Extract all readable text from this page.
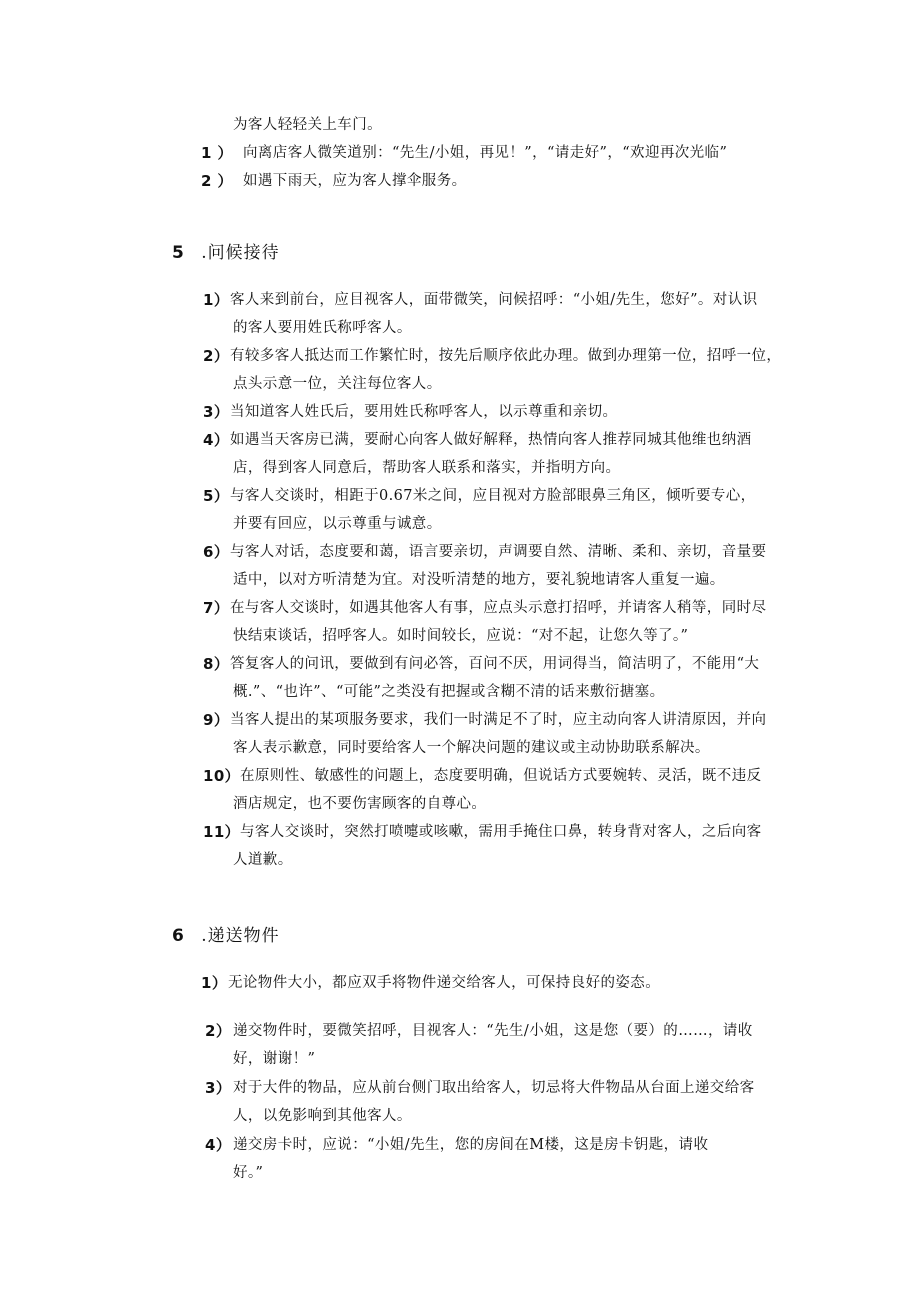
为客人轻轻关上车门。
1 ） 向离店客人微笑道别：“先生/小姐，再见！”，“请走好”，“欢迎再次光临”
2 ） 如遇下雨天，应为客人撑伞服务。
5 .问候接待
1） 客人来到前台，应目视客人，面带微笑，问候招呼：“小姐/先生，您好”。对认识
的客人要用姓氏称呼客人。
2） 有较多客人抵达而工作繁忙时，按先后顺序依此办理。做到办理第一位，招呼一位，
点头示意一位，关注每位客人。
3） 当知道客人姓氏后，要用姓氏称呼客人，以示尊重和亲切。
4） 如遇当天客房已满，要耐心向客人做好解释，热情向客人推荐同城其他维也纳酒
店，得到客人同意后，帮助客人联系和落实，并指明方向。
5） 与客人交谈时，相距于0.67米之间，应目视对方脸部眼鼻三角区，倾听要专心，
并要有回应，以示尊重与诚意。
6） 与客人对话，态度要和蔼，语言要亲切，声调要自然、清晰、柔和、亲切，音量要
适中，以对方听清楚为宜。对没听清楚的地方，要礼貌地请客人重复一遍。
7） 在与客人交谈时，如遇其他客人有事，应点头示意打招呼，并请客人稍等，同时尽
快结束谈话，招呼客人。如时间较长，应说：“对不起，让您久等了。”
8） 答复客人的问讯，要做到有问必答，百问不厌，用词得当，简洁明了，不能用“大
概.”、“也许”、“可能”之类没有把握或含糊不清的话来敷衍搪塞。
9） 当客人提出的某项服务要求，我们一时满足不了时，应主动向客人讲清原因，并向
客人表示歉意，同时要给客人一个解决问题的建议或主动协助联系解决。
10） 在原则性、敏感性的问题上，态度要明确，但说话方式要婉转、灵活，既不违反
酒店规定，也不要伤害顾客的自尊心。
11） 与客人交谈时，突然打喷嚏或咳嗽，需用手掩住口鼻，转身背对客人，之后向客
人道歉。
6 .递送物件
1） 无论物件大小，都应双手将物件递交给客人，可保持良好的姿态。
2） 递交物件时，要微笑招呼，目视客人：“先生/小姐，这是您（要）的……，请收
好，谢谢！”
3） 对于大件的物品，应从前台侧门取出给客人，切忌将大件物品从台面上递交给客
人，以免影响到其他客人。
4） 递交房卡时，应说：“小姐/先生，您的房间在M楼，这是房卡钥匙，请收
好。”
